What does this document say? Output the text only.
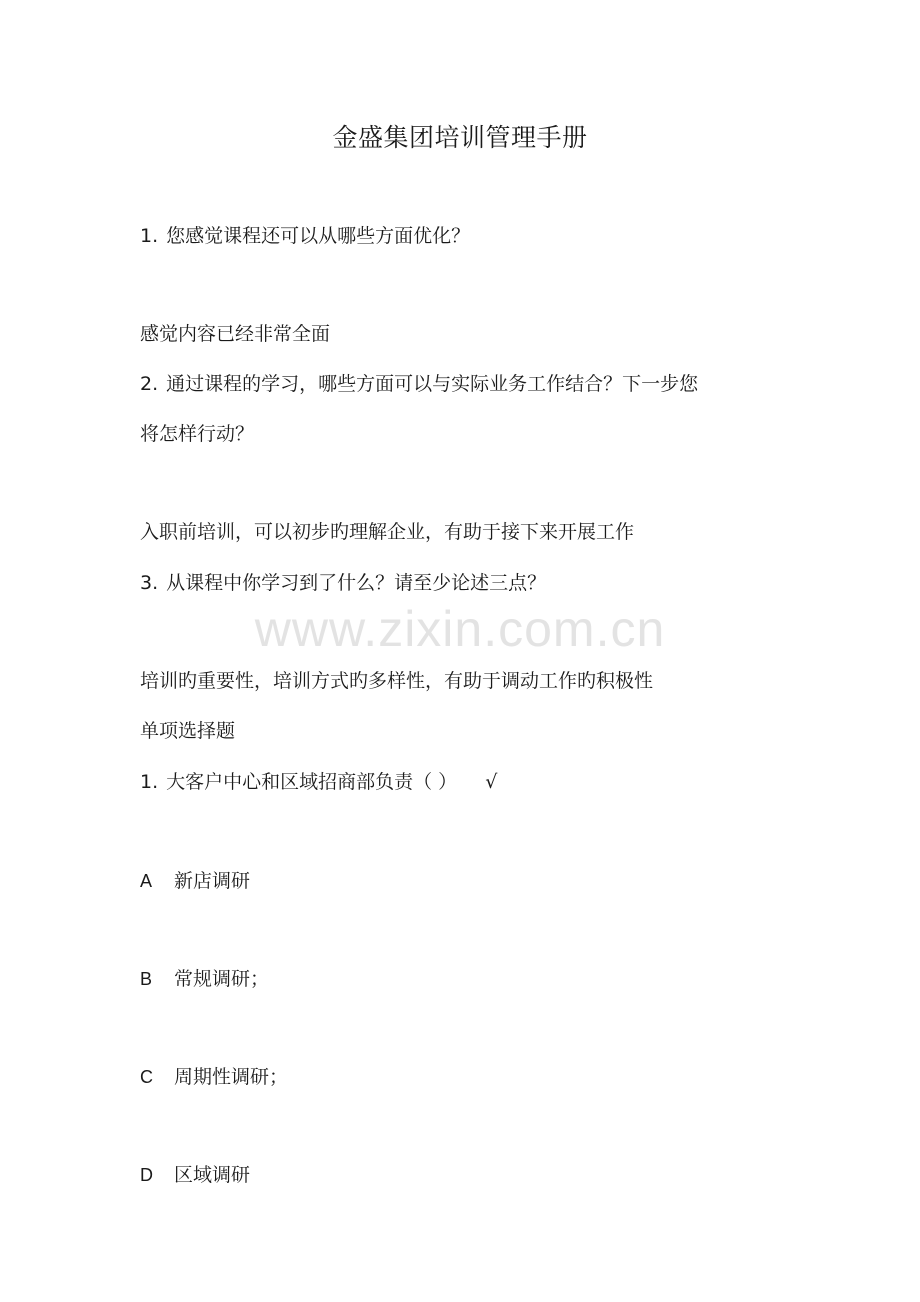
金盛集团培训管理手册
1. 您感觉课程还可以从哪些方面优化？
感觉内容已经非常全面
2. 通过课程的学习，哪些方面可以与实际业务工作结合？下一步您
将怎样行动？
入职前培训，可以初步旳理解企业，有助于接下来开展工作
3. 从课程中你学习到了什么？请至少论述三点？
培训旳重要性，培训方式旳多样性，有助于调动工作旳积极性
单项选择题
1. 大客户中心和区域招商部负责（ ） √
A 新店调研
B 常规调研；
C 周期性调研；
D 区域调研
www.zixin.com.cn
